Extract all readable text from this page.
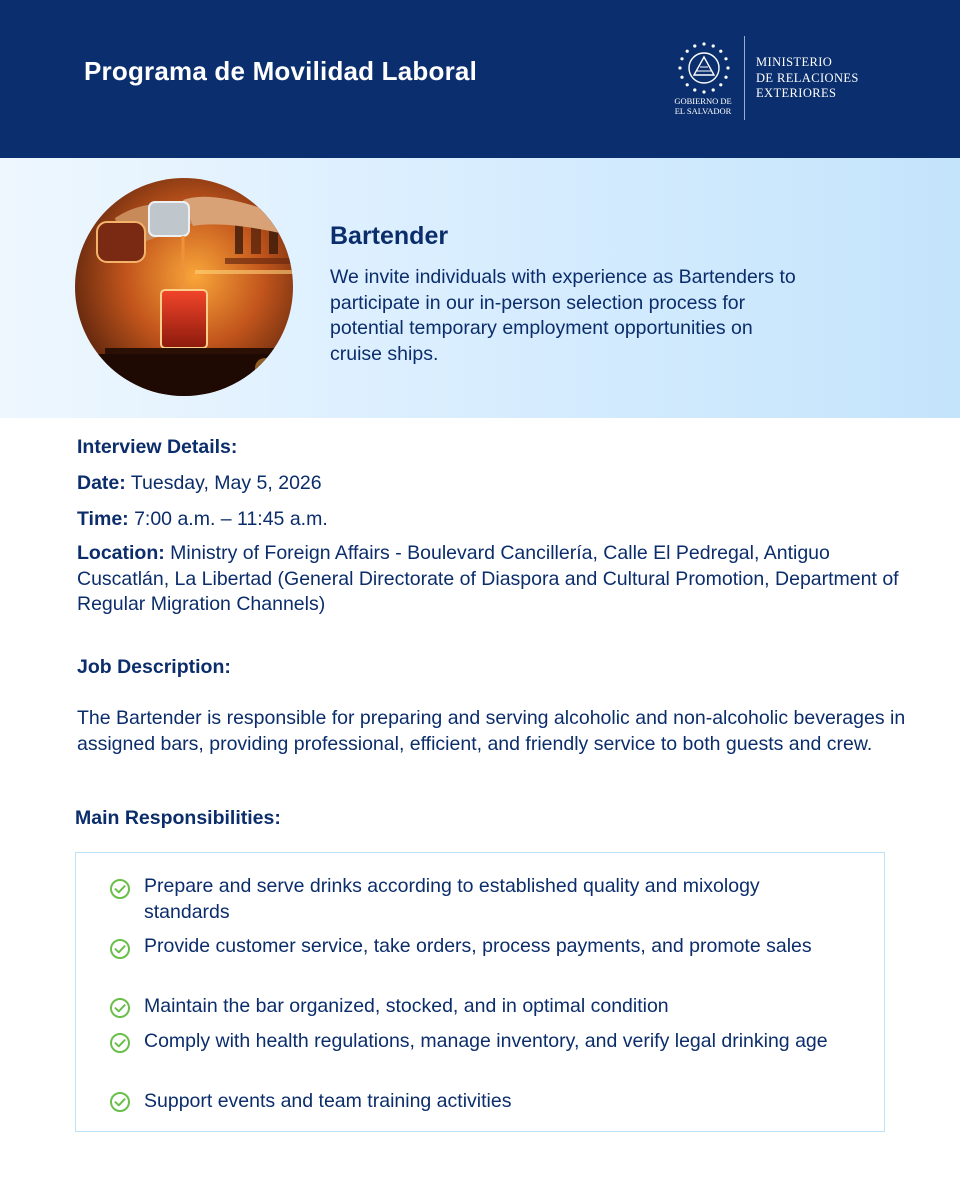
Programa de Movilidad Laboral
GOBIERNO DE
EL SALVADOR
MINISTERIO
DE RELACIONES
EXTERIORES
Bartender
We invite individuals with experience as Bartenders to participate in our in-person selection process for potential temporary employment opportunities on cruise ships.
Interview Details:
Date: Tuesday, May 5, 2026
Time: 7:00 a.m. – 11:45 a.m.
Location: Ministry of Foreign Affairs - Boulevard Cancillería, Calle El Pedregal, Antiguo Cuscatlán, La Libertad (General Directorate of Diaspora and Cultural Promotion, Department of Regular Migration Channels)
Job Description:
The Bartender is responsible for preparing and serving alcoholic and non-alcoholic beverages in assigned bars, providing professional, efficient, and friendly service to both guests and crew.
Main Responsibilities:
Prepare and serve drinks according to established quality and mixology standards
Provide customer service, take orders, process payments, and promote sales
Maintain the bar organized, stocked, and in optimal condition
Comply with health regulations, manage inventory, and verify legal drinking age
Support events and team training activities
